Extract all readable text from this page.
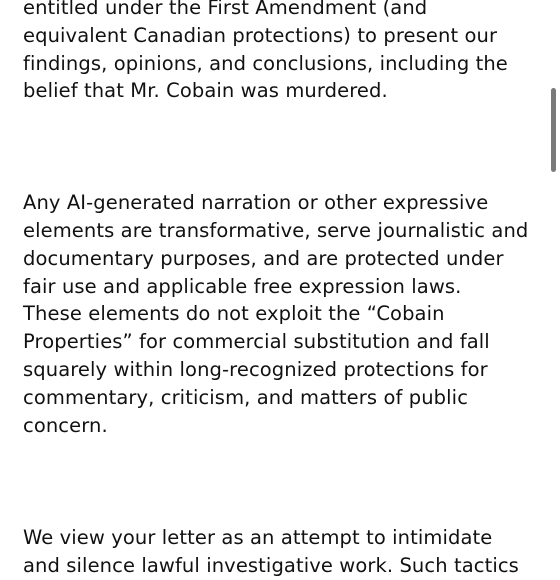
entitled under the First Amendment (and
equivalent Canadian protections) to present our
findings, opinions, and conclusions, including the
belief that Mr. Cobain was murdered.
Any AI-generated narration or other expressive
elements are transformative, serve journalistic and
documentary purposes, and are protected under
fair use and applicable free expression laws.
These elements do not exploit the “Cobain
Properties” for commercial substitution and fall
squarely within long-recognized protections for
commentary, criticism, and matters of public
concern.
We view your letter as an attempt to intimidate
and silence lawful investigative work. Such tactics
